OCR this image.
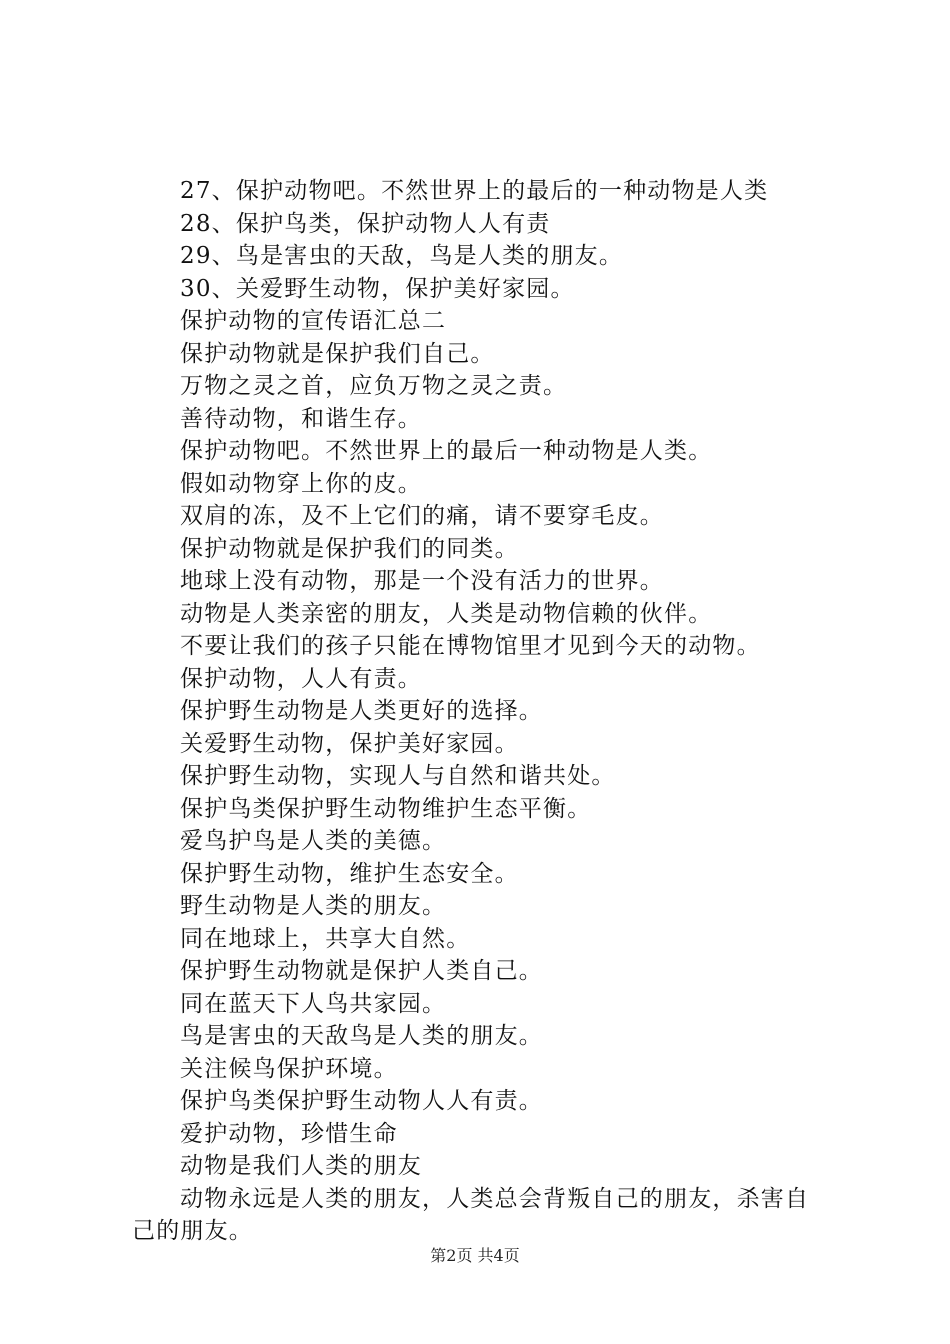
27、保护动物吧。不然世界上的最后的一种动物是人类
28、保护鸟类，保护动物人人有责
29、鸟是害虫的天敌，鸟是人类的朋友。
30、关爱野生动物，保护美好家园。
保护动物的宣传语汇总二
保护动物就是保护我们自己。
万物之灵之首，应负万物之灵之责。
善待动物，和谐生存。
保护动物吧。不然世界上的最后一种动物是人类。
假如动物穿上你的皮。
双肩的冻，及不上它们的痛，请不要穿毛皮。
保护动物就是保护我们的同类。
地球上没有动物，那是一个没有活力的世界。
动物是人类亲密的朋友，人类是动物信赖的伙伴。
不要让我们的孩子只能在博物馆里才见到今天的动物。
保护动物，人人有责。
保护野生动物是人类更好的选择。
关爱野生动物，保护美好家园。
保护野生动物，实现人与自然和谐共处。
保护鸟类保护野生动物维护生态平衡。
爱鸟护鸟是人类的美德。
保护野生动物，维护生态安全。
野生动物是人类的朋友。
同在地球上，共享大自然。
保护野生动物就是保护人类自己。
同在蓝天下人鸟共家园。
鸟是害虫的天敌鸟是人类的朋友。
关注候鸟保护环境。
保护鸟类保护野生动物人人有责。
爱护动物，珍惜生命
动物是我们人类的朋友
动物永远是人类的朋友，人类总会背叛自己的朋友，杀害自己的朋友。
第2页 共4页
